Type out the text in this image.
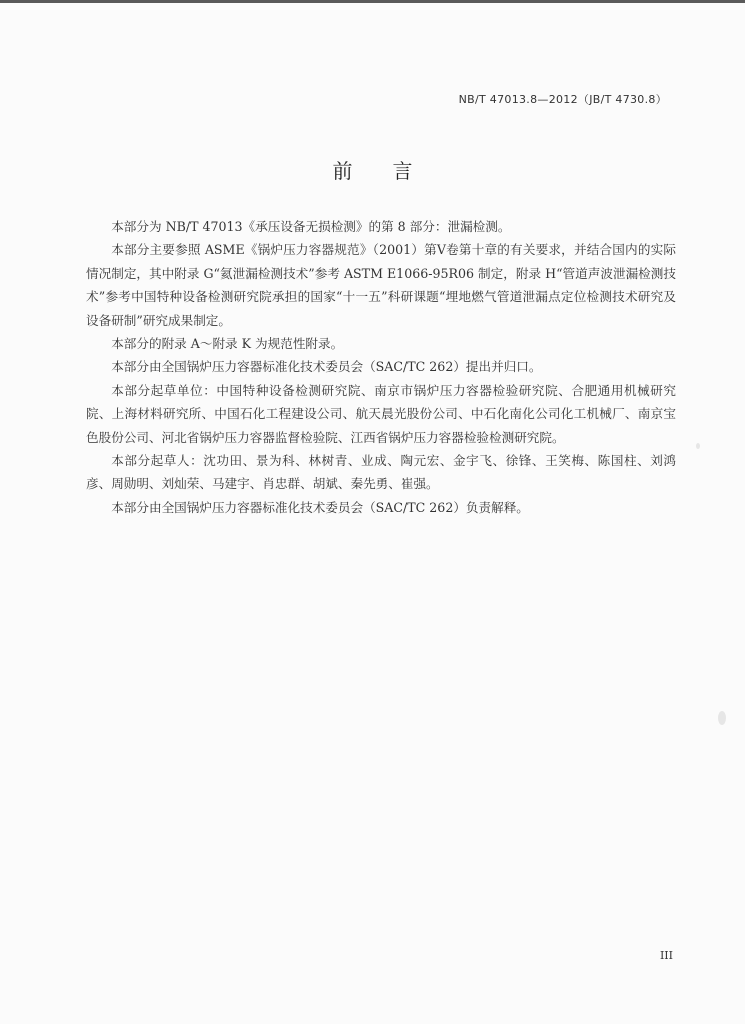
NB/T 47013.8—2012（JB/T 4730.8）
前言

本部分为 NB/T 47013《承压设备无损检测》的第 8 部分：泄漏检测。

本部分主要参照 ASME《锅炉压力容器规范》（2001）第Ⅴ卷第十章的有关要求，并结合国内的实际情况制定，其中附录 G“氦泄漏检测技术”参考 ASTM E1066-95R06 制定，附录 H“管道声波泄漏检测技术”参考中国特种设备检测研究院承担的国家“十一五”科研课题“埋地燃气管道泄漏点定位检测技术研究及设备研制”研究成果制定。

本部分的附录 A～附录 K 为规范性附录。

本部分由全国锅炉压力容器标准化技术委员会（SAC/TC 262）提出并归口。

本部分起草单位：中国特种设备检测研究院、南京市锅炉压力容器检验研究院、合肥通用机械研究院、上海材料研究所、中国石化工程建设公司、航天晨光股份公司、中石化南化公司化工机械厂、南京宝色股份公司、河北省锅炉压力容器监督检验院、江西省锅炉压力容器检验检测研究院。

本部分起草人：沈功田、景为科、林树青、业成、陶元宏、金宇飞、徐锋、王笑梅、陈国柱、刘鸿彦、周勋明、刘灿荣、马建宇、肖忠群、胡斌、秦先勇、崔强。

本部分由全国锅炉压力容器标准化技术委员会（SAC/TC 262）负责解释。

III
